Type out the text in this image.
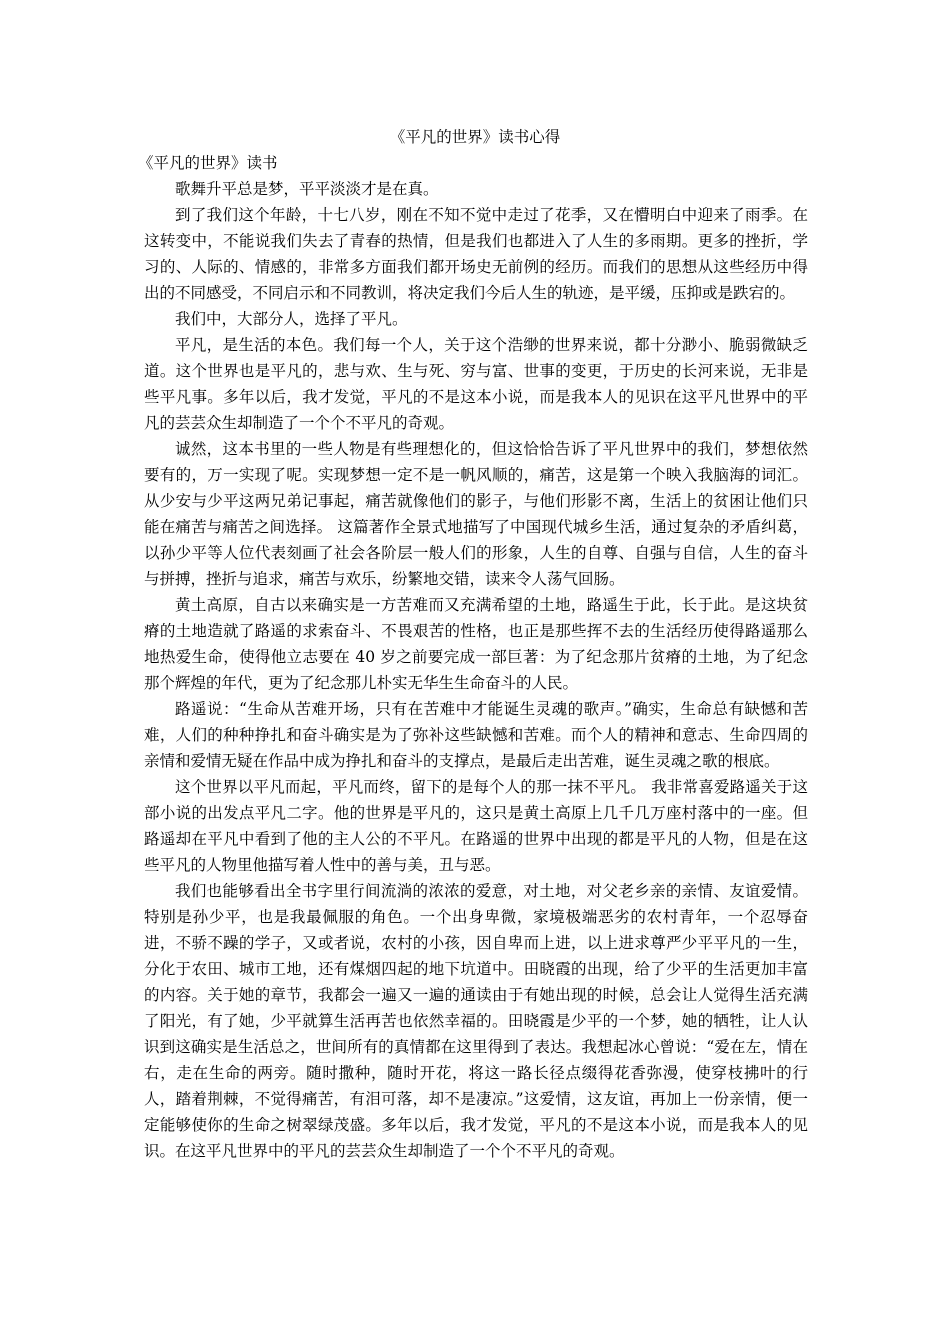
《平凡的世界》读书心得
《平凡的世界》读书

歌舞升平总是梦，平平淡淡才是在真。

到了我们这个年龄，十七八岁，刚在不知不觉中走过了花季，又在懵明白中迎来了雨季。在这转变中，不能说我们失去了青春的热情，但是我们也都进入了人生的多雨期。更多的挫折，学习的、人际的、情感的，非常多方面我们都开场史无前例的经历。而我们的思想从这些经历中得出的不同感受，不同启示和不同教训，将决定我们今后人生的轨迹，是平缓，压抑或是跌宕的。

我们中，大部分人，选择了平凡。

平凡，是生活的本色。我们每一个人，关于这个浩缈的世界来说，都十分渺小、脆弱微缺乏道。这个世界也是平凡的，悲与欢、生与死、穷与富、世事的变更，于历史的长河来说，无非是些平凡事。多年以后，我才发觉，平凡的不是这本小说，而是我本人的见识在这平凡世界中的平凡的芸芸众生却制造了一个个不平凡的奇观。

诚然，这本书里的一些人物是有些理想化的，但这恰恰告诉了平凡世界中的我们，梦想依然要有的，万一实现了呢。实现梦想一定不是一帆风顺的，痛苦，这是第一个映入我脑海的词汇。从少安与少平这两兄弟记事起，痛苦就像他们的影子，与他们形影不离，生活上的贫困让他们只能在痛苦与痛苦之间选择。 这篇著作全景式地描写了中国现代城乡生活，通过复杂的矛盾纠葛，以孙少平等人位代表刻画了社会各阶层一般人们的形象，人生的自尊、自强与自信，人生的奋斗与拼搏，挫折与追求，痛苦与欢乐，纷繁地交错，读来令人荡气回肠。

黄土高原，自古以来确实是一方苦难而又充满希望的土地，路遥生于此，长于此。是这块贫瘠的土地造就了路遥的求索奋斗、不畏艰苦的性格，也正是那些挥不去的生活经历使得路遥那么地热爱生命，使得他立志要在 40 岁之前要完成一部巨著：为了纪念那片贫瘠的土地，为了纪念那个辉煌的年代，更为了纪念那儿朴实无华生生命奋斗的人民。

路遥说：“生命从苦难开场，只有在苦难中才能诞生灵魂的歌声。”确实，生命总有缺憾和苦难，人们的种种挣扎和奋斗确实是为了弥补这些缺憾和苦难。而个人的精神和意志、生命四周的亲情和爱情无疑在作品中成为挣扎和奋斗的支撑点，是最后走出苦难，诞生灵魂之歌的根底。

这个世界以平凡而起，平凡而终，留下的是每个人的那一抹不平凡。 我非常喜爱路遥关于这部小说的出发点平凡二字。他的世界是平凡的，这只是黄土高原上几千几万座村落中的一座。但路遥却在平凡中看到了他的主人公的不平凡。在路遥的世界中出现的都是平凡的人物，但是在这些平凡的人物里他描写着人性中的善与美，丑与恶。

我们也能够看出全书字里行间流淌的浓浓的爱意，对土地，对父老乡亲的亲情、友谊爱情。特别是孙少平，也是我最佩服的角色。一个出身卑微，家境极端恶劣的农村青年，一个忍辱奋进，不骄不躁的学子，又或者说，农村的小孩，因自卑而上进，以上进求尊严少平平凡的一生，分化于农田、城市工地，还有煤烟四起的地下坑道中。田晓霞的出现，给了少平的生活更加丰富的内容。关于她的章节，我都会一遍又一遍的通读由于有她出现的时候，总会让人觉得生活充满了阳光，有了她，少平就算生活再苦也依然幸福的。田晓霞是少平的一个梦，她的牺牲，让人认识到这确实是生活总之，世间所有的真情都在这里得到了表达。我想起冰心曾说：“爱在左，情在右，走在生命的两旁。随时撒种，随时开花，将这一路长径点缀得花香弥漫，使穿枝拂叶的行人，踏着荆棘，不觉得痛苦，有泪可落，却不是凄凉。”这爱情，这友谊，再加上一份亲情，便一定能够使你的生命之树翠绿茂盛。多年以后，我才发觉，平凡的不是这本小说，而是我本人的见识。在这平凡世界中的平凡的芸芸众生却制造了一个个不平凡的奇观。
